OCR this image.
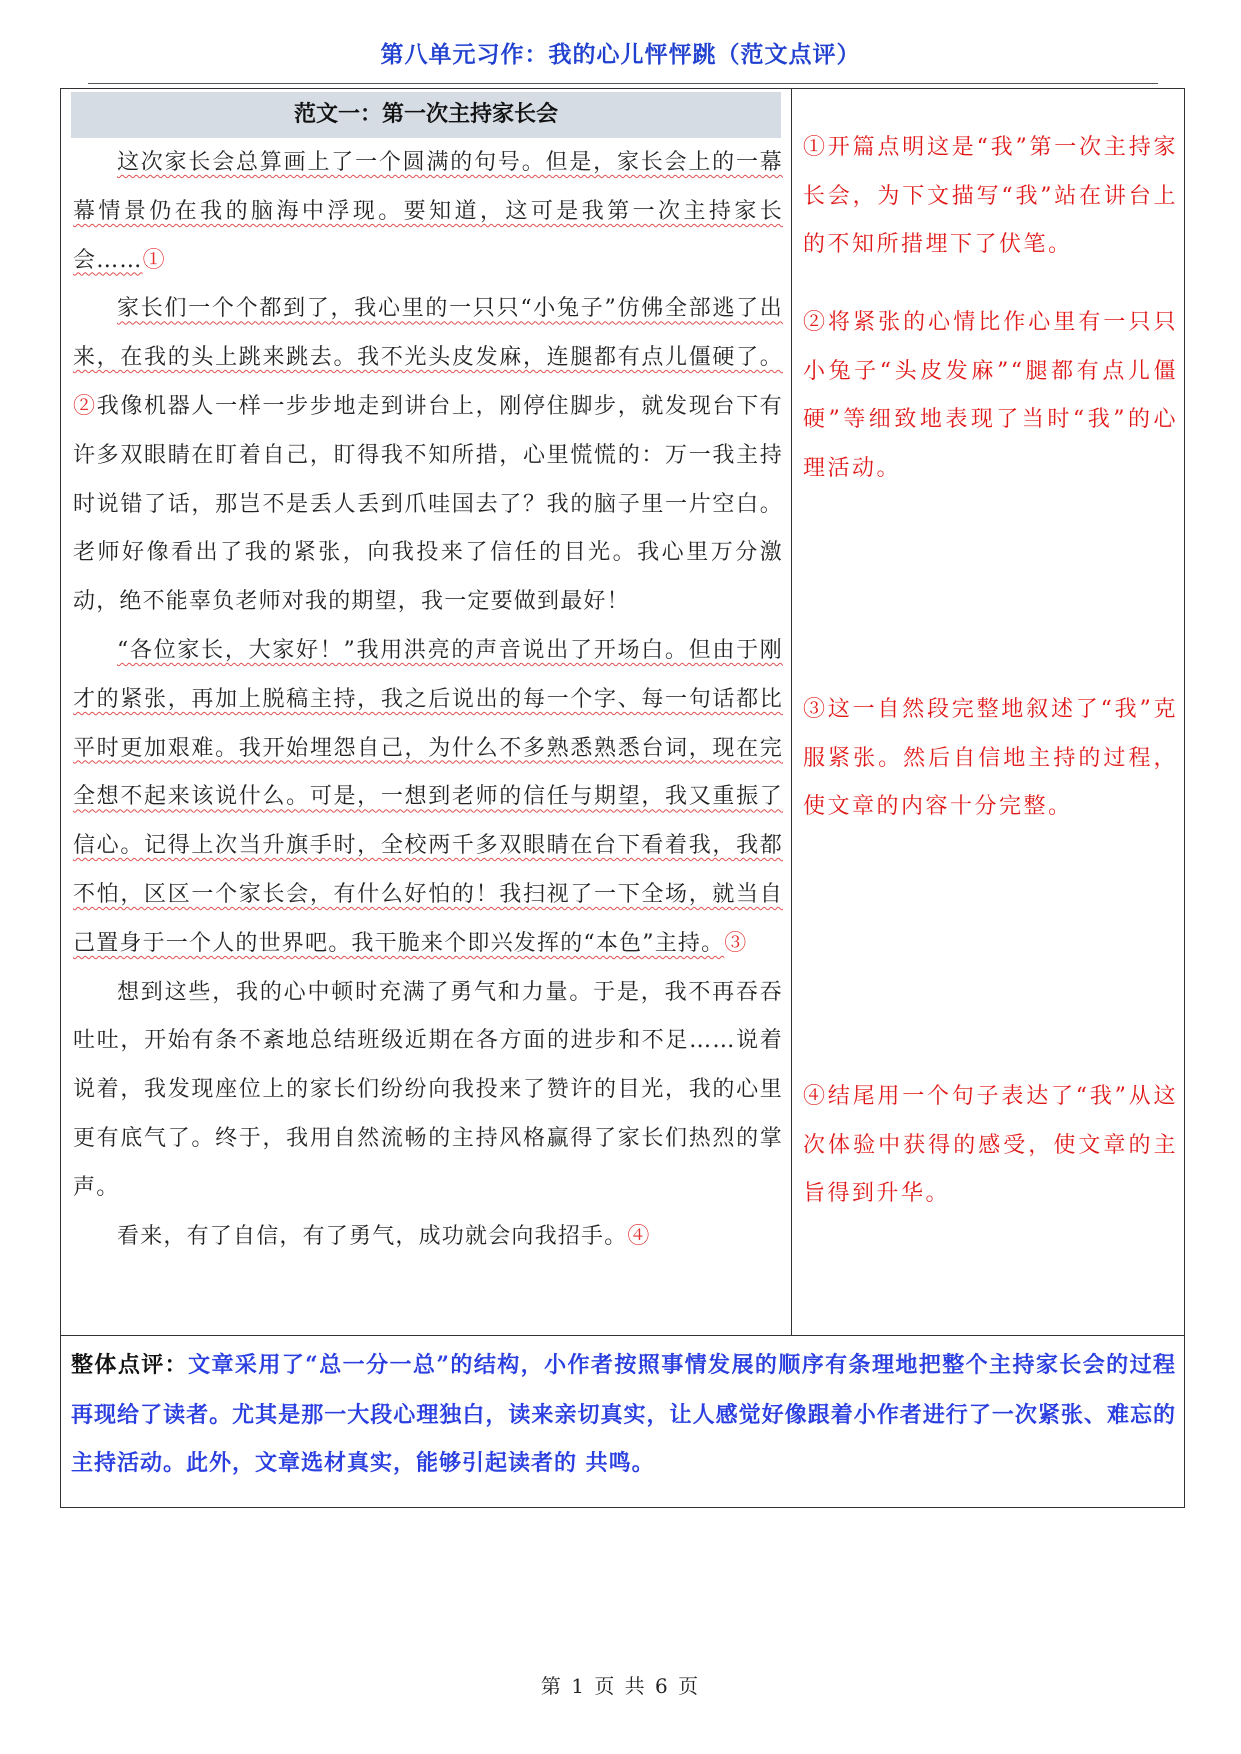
第八单元习作：我的心儿怦怦跳（范文点评）
范文一：第一次主持家长会

这次家长会总算画上了一个圆满的句号。但是，家长会上的一幕幕情景仍在我的脑海中浮现。要知道，这可是我第一次主持家长会……①

家长们一个个都到了，我心里的一只只“小兔子”仿佛全部逃了出来，在我的头上跳来跳去。我不光头皮发麻，连腿都有点儿僵硬了。②我像机器人一样一步步地走到讲台上，刚停住脚步，就发现台下有许多双眼睛在盯着自己，盯得我不知所措，心里慌慌的：万一我主持时说错了话，那岂不是丢人丢到爪哇国去了？我的脑子里一片空白。老师好像看出了我的紧张，向我投来了信任的目光。我心里万分激动，绝不能辜负老师对我的期望，我一定要做到最好！

“各位家长，大家好！”我用洪亮的声音说出了开场白。但由于刚才的紧张，再加上脱稿主持，我之后说出的每一个字、每一句话都比平时更加艰难。我开始埋怨自己，为什么不多熟悉熟悉台词，现在完全想不起来该说什么。可是，一想到老师的信任与期望，我又重振了信心。记得上次当升旗手时，全校两千多双眼睛在台下看着我，我都不怕，区区一个家长会，有什么好怕的！我扫视了一下全场，就当自己置身于一个人的世界吧。我干脆来个即兴发挥的“本色”主持。③

想到这些，我的心中顿时充满了勇气和力量。于是，我不再吞吞吐吐，开始有条不紊地总结班级近期在各方面的进步和不足……说着说着，我发现座位上的家长们纷纷向我投来了赞许的目光，我的心里更有底气了。终于，我用自然流畅的主持风格赢得了家长们热烈的掌声。

看来，有了自信，有了勇气，成功就会向我招手。④

①开篇点明这是“我”第一次主持家长会，为下文描写“我”站在讲台上的不知所措埋下了伏笔。
②将紧张的心情比作心里有一只只小兔子“头皮发麻”“腿都有点儿僵硬”等细致地表现了当时“我”的心理活动。
③这一自然段完整地叙述了“我”克服紧张。然后自信地主持的过程，使文章的内容十分完整。
④结尾用一个句子表达了“我”从这次体验中获得的感受，使文章的主旨得到升华。
整体点评：文章采用了“总一分一总”的结构，小作者按照事情发展的顺序有条理地把整个主持家长会的过程再现给了读者。尤其是那一大段心理独白，读来亲切真实，让人感觉好像跟着小作者进行了一次紧张、难忘的主持活动。此外，文章选材真实，能够引起读者的 共鸣。
第 1 页 共 6 页
